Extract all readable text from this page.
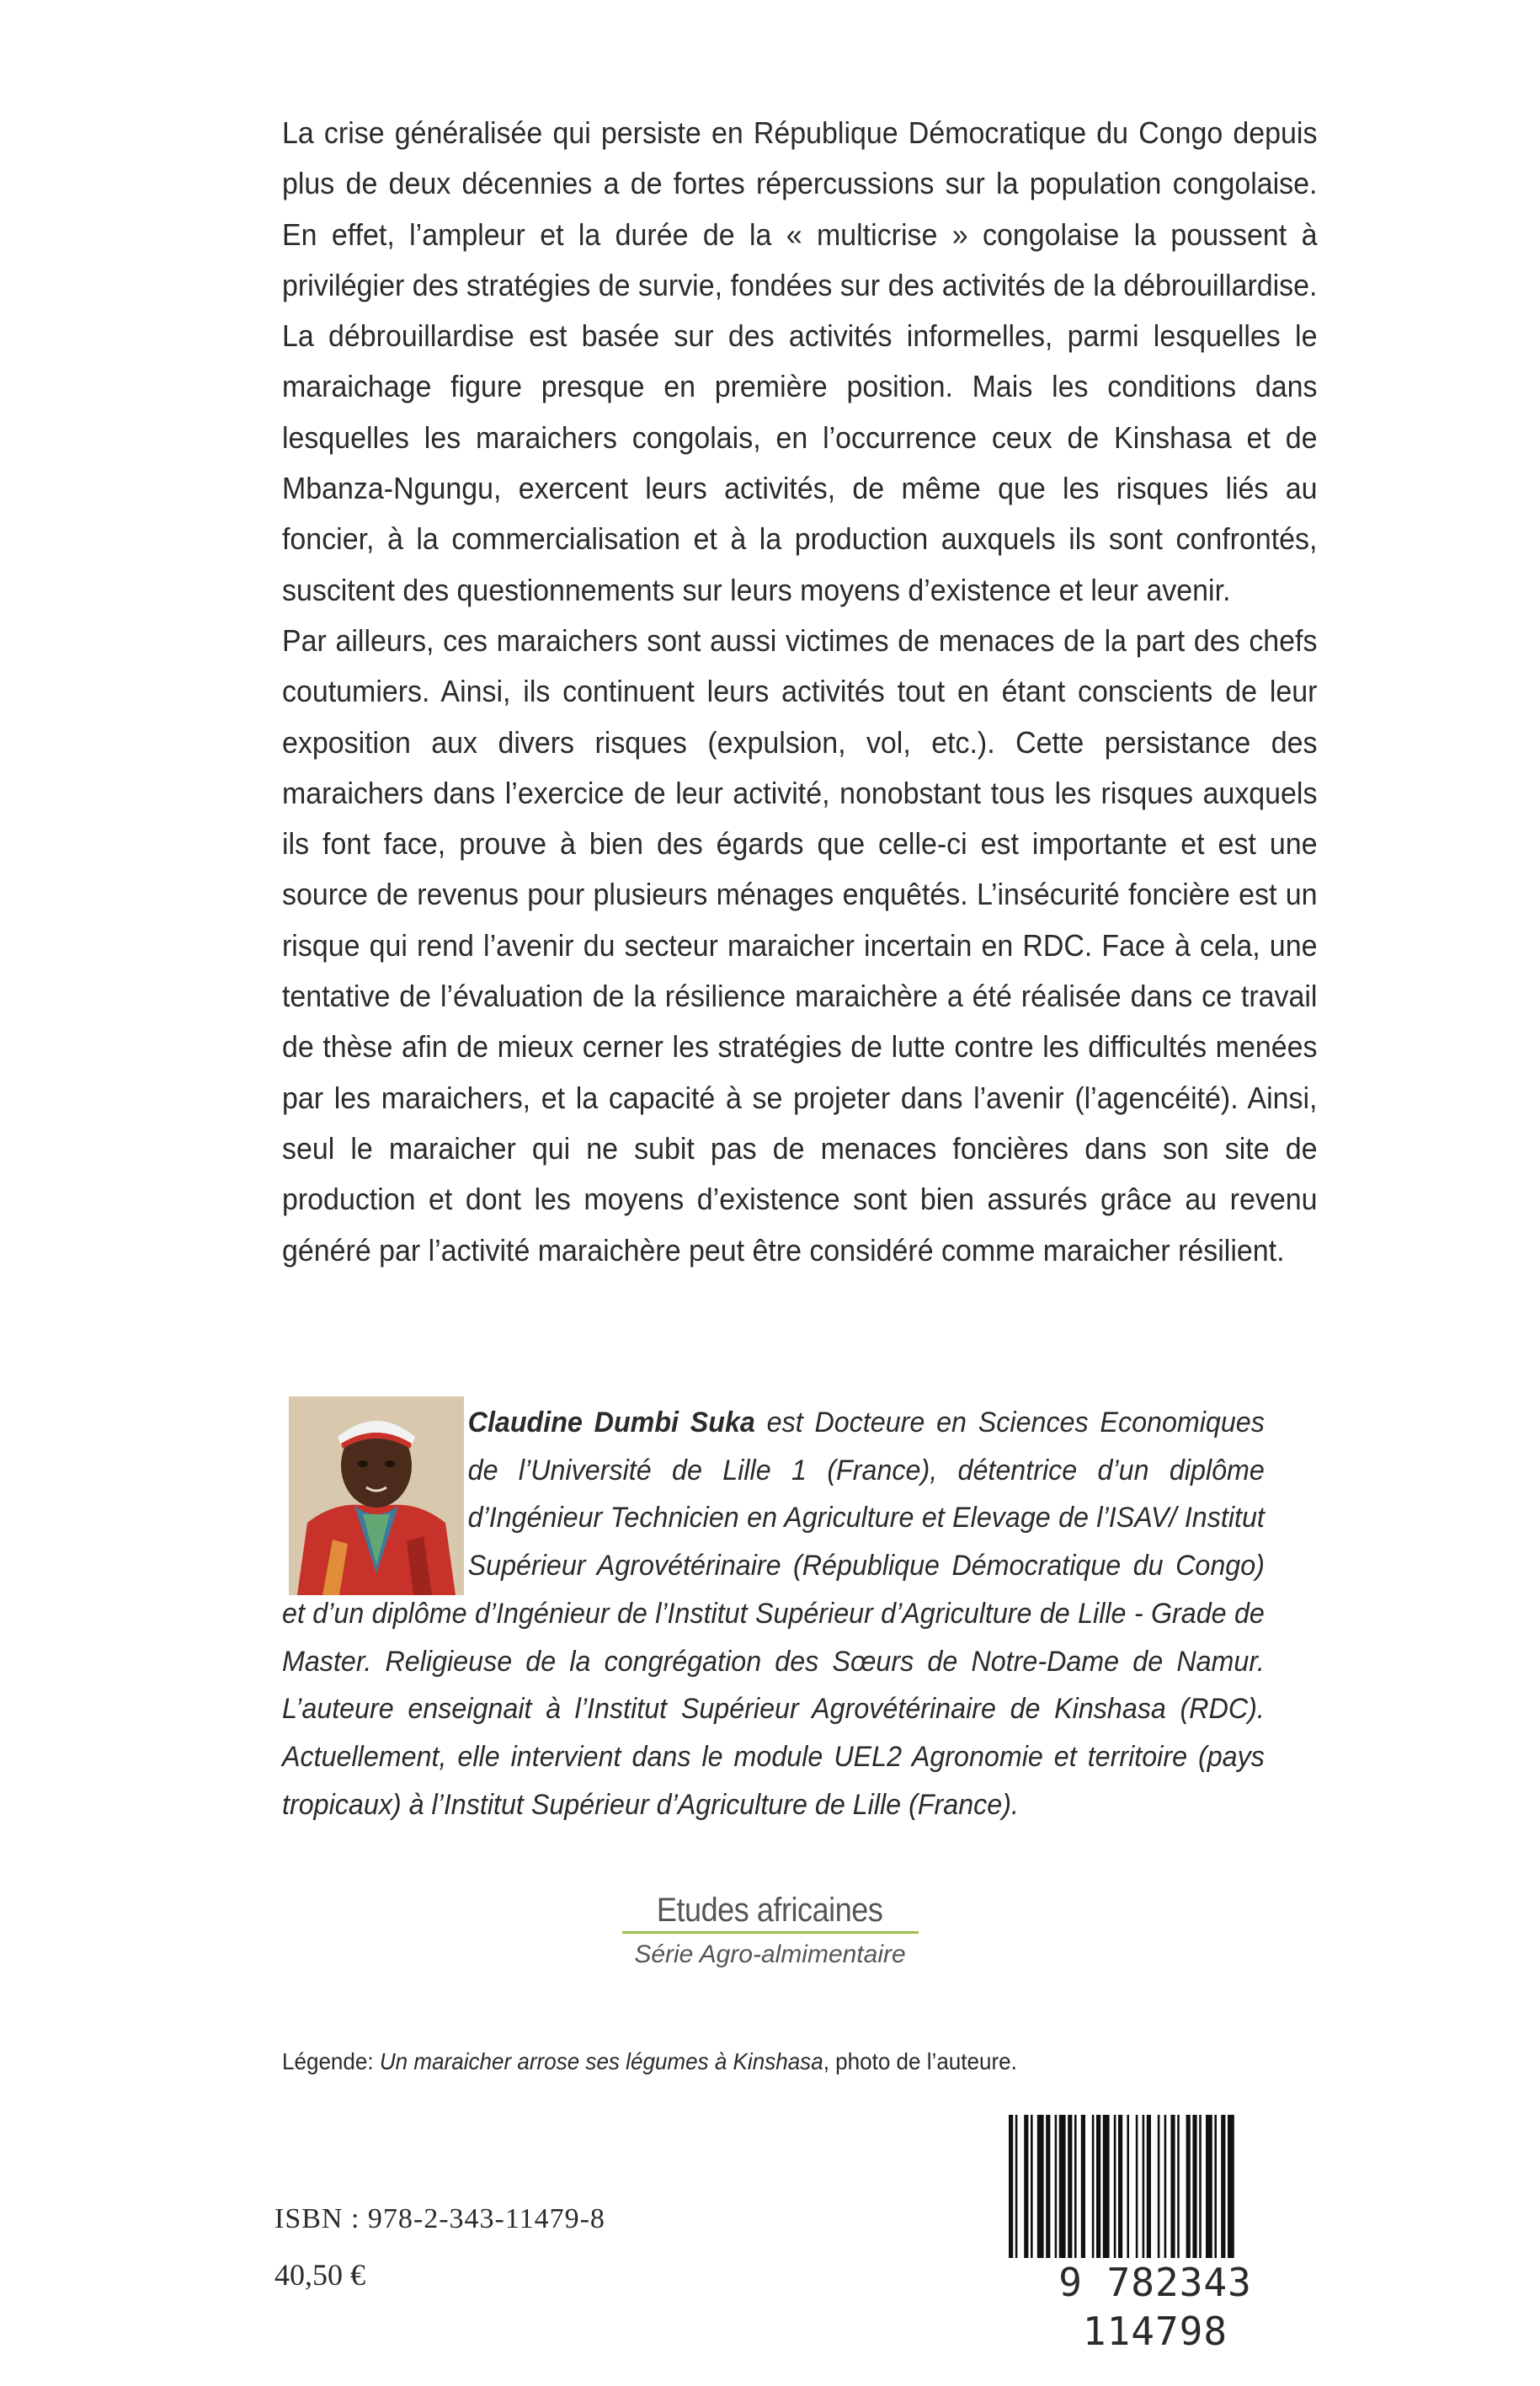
La crise généralisée qui persiste en République Démocratique du Congo depuis plus de deux décennies a de fortes répercussions sur la population congolaise. En effet, l’ampleur et la durée de la « multicrise » congolaise la poussent à privilégier des stratégies de survie, fondées sur des activités de la débrouillardise. La débrouillardise est basée sur des activités informelles, parmi lesquelles le maraichage figure presque en première position. Mais les conditions dans lesquelles les maraichers congolais, en l’occurrence ceux de Kinshasa et de Mbanza-Ngungu, exercent leurs activités, de même que les risques liés au foncier, à la commercialisation et à la production auxquels ils sont confrontés, suscitent des questionnements sur leurs moyens d’existence et leur avenir.

Par ailleurs, ces maraichers sont aussi victimes de menaces de la part des chefs coutumiers. Ainsi, ils continuent leurs activités tout en étant conscients de leur exposition aux divers risques (expulsion, vol, etc.). Cette persistance des maraichers dans l’exercice de leur activité, nonobstant tous les risques auxquels ils font face, prouve à bien des égards que celle-ci est importante et est une source de revenus pour plusieurs ménages enquêtés. L’insécurité foncière est un risque qui rend l’avenir du secteur maraicher incertain en RDC. Face à cela, une tentative de l’évaluation de la résilience maraichère a été réalisée dans ce travail de thèse afin de mieux cerner les stratégies de lutte contre les difficultés menées par les maraichers, et la capacité à se projeter dans l’avenir (l’agencéité). Ainsi, seul le maraicher qui ne subit pas de menaces foncières dans son site de production et dont les moyens d’existence sont bien assurés grâce au revenu généré par l’activité maraichère peut être considéré comme maraicher résilient.

Claudine Dumbi Suka est Docteure en Sciences Economiques de l’Université de Lille 1 (France), détentrice d’un diplôme d’Ingénieur Technicien en Agriculture et Elevage de l’ISAV/ Institut Supérieur Agrovétérinaire (République Démocratique du Congo) et d’un diplôme d’Ingénieur de l’Institut Supérieur d’Agriculture de Lille - Grade de Master. Religieuse de la congrégation des Sœurs de Notre-Dame de Namur. L’auteure enseignait à l’Institut Supérieur Agrovétérinaire de Kinshasa (RDC). Actuellement, elle intervient dans le module UEL2 Agronomie et territoire (pays tropicaux) à l’Institut Supérieur d’Agriculture de Lille (France).
Etudes africaines
Série Agro-almimentaire
Légende: Un maraicher arrose ses légumes à Kinshasa, photo de l’auteure.
ISBN : 978-2-343-11479-8
40,50 €	9 782343 114798
